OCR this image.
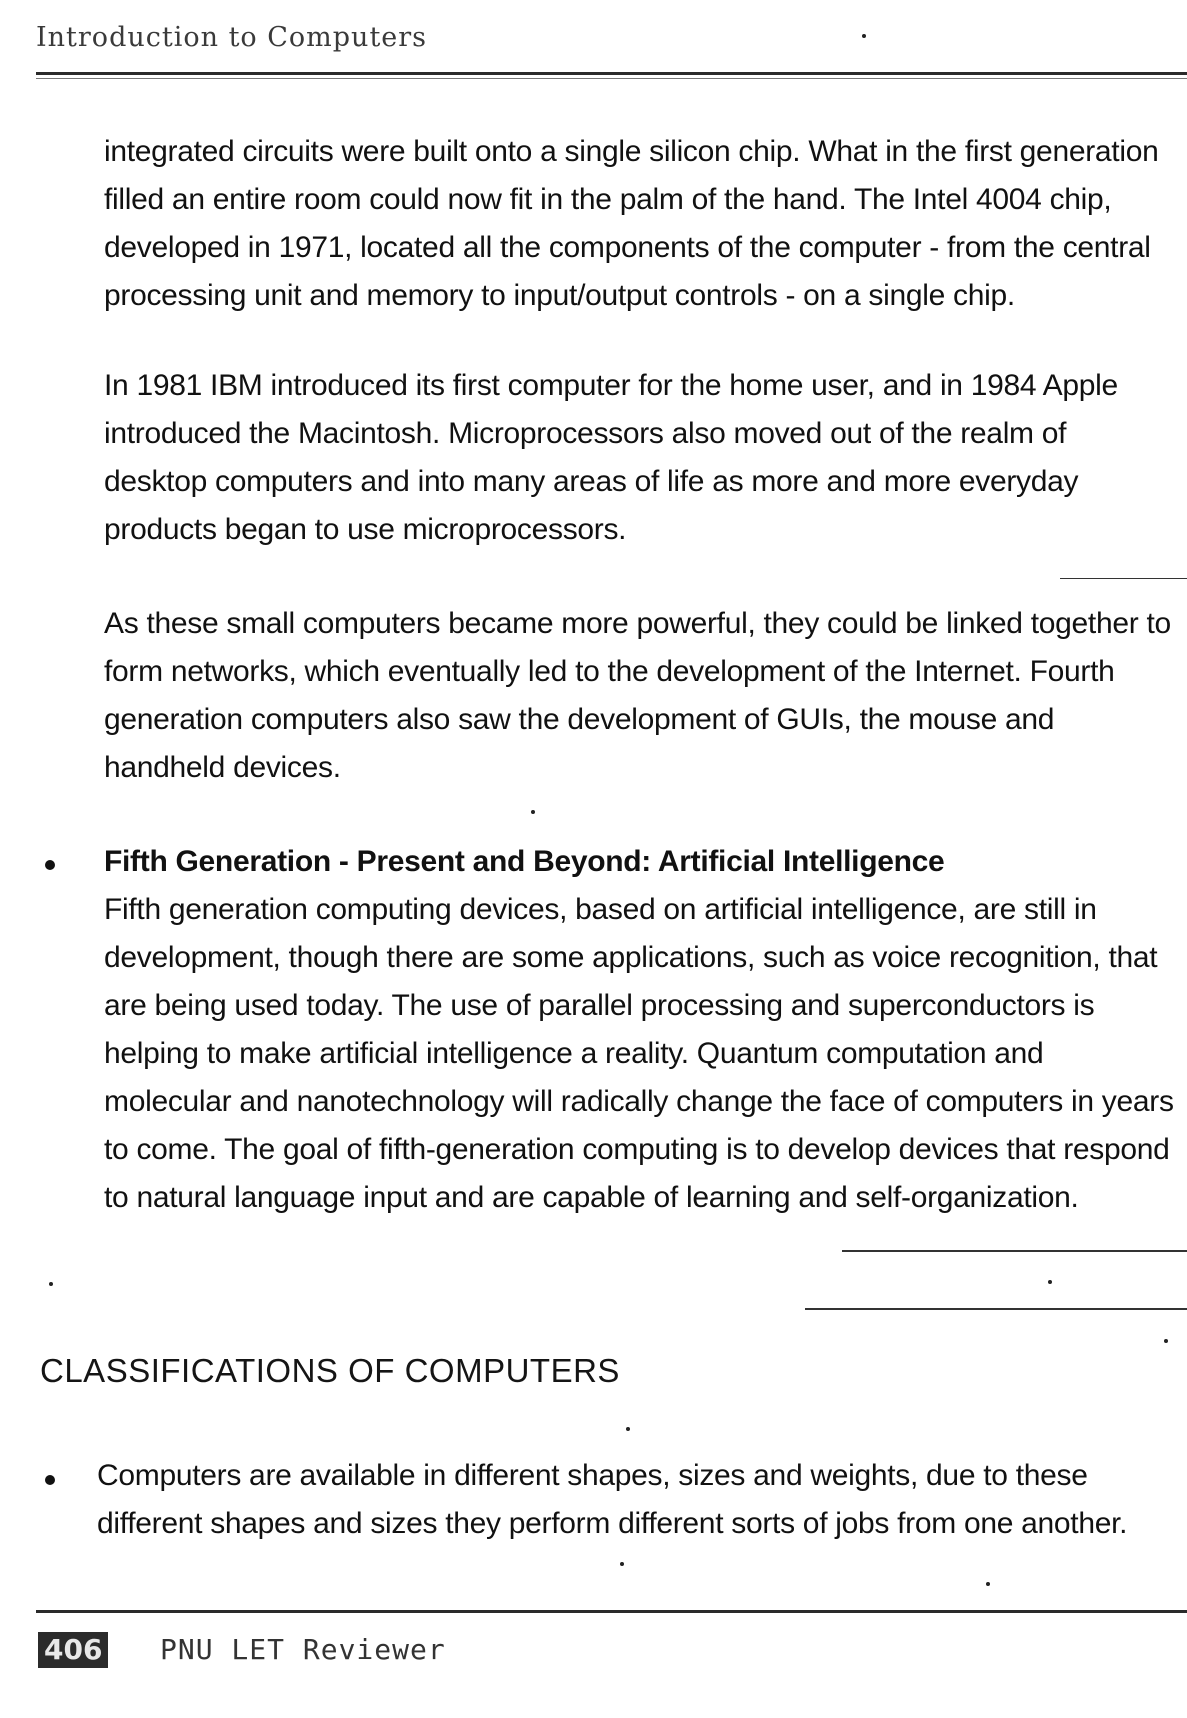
Introduction to Computers

integrated circuits were built onto a single silicon chip. What in the first generation filled an entire room could now fit in the palm of the hand. The Intel 4004 chip, developed in 1971, located all the components of the computer - from the central processing unit and memory to input/output controls - on a single chip.

In 1981 IBM introduced its first computer for the home user, and in 1984 Apple introduced the Macintosh. Microprocessors also moved out of the realm of desktop computers and into many areas of life as more and more everyday products began to use microprocessors.

As these small computers became more powerful, they could be linked together to form networks, which eventually led to the development of the Internet. Fourth generation computers also saw the development of GUIs, the mouse and handheld devices.

Fifth Generation - Present and Beyond: Artificial Intelligence

Fifth generation computing devices, based on artificial intelligence, are still in development, though there are some applications, such as voice recognition, that are being used today. The use of parallel processing and superconductors is helping to make artificial intelligence a reality. Quantum computation and molecular and nanotechnology will radically change the face of computers in years to come. The goal of fifth-generation computing is to develop devices that respond to natural language input and are capable of learning and self-organization.

CLASSIFICATIONS OF COMPUTERS

Computers are available in different shapes, sizes and weights, due to these different shapes and sizes they perform different sorts of jobs from one another.

406 PNU LET Reviewer
